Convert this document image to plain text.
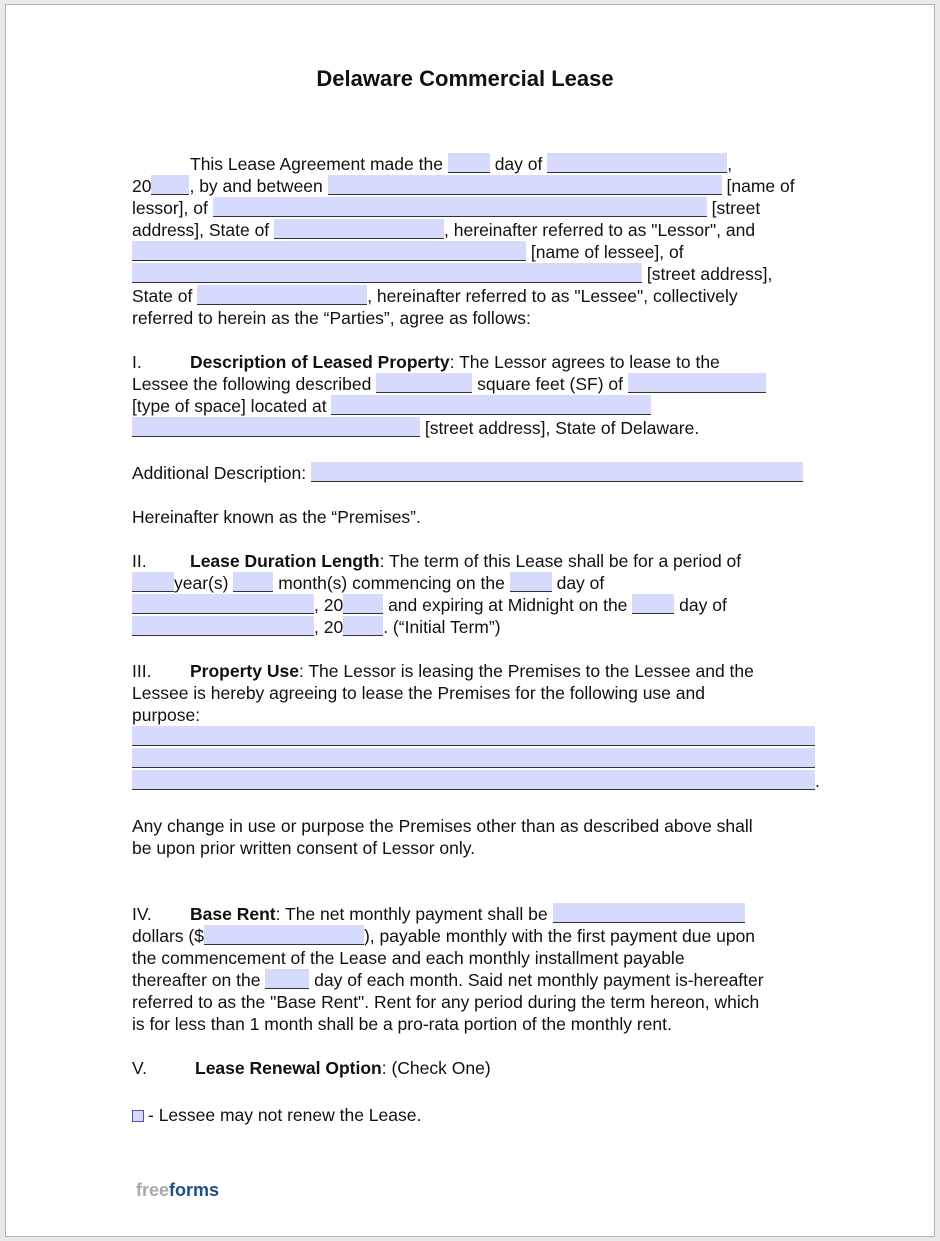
Delaware Commercial Lease
This Lease Agreement made the	day of	,
20 , by and between	[name of
lessor], of	[street
address], State of	, hereinafter referred to as "Lessor", and
[name of lessee], of
[street address],
State of	, hereinafter referred to as "Lessee", collectively
referred to herein as the “Parties”, agree as follows:
I.	Description of Leased Property: The Lessor agrees to lease to the
Lessee the following described	square feet (SF) of
[type of space] located at
[street address], State of Delaware.
Additional Description:
Hereinafter known as the “Premises”.
II. Lease Duration Length: The term of this Lease shall be for a period of
year(s)	month(s) commencing on the	day of
, 20	and expiring at Midnight on the	day of
, 20 . (“Initial Term”)
III. Property Use: The Lessor is leasing the Premises to the Lessee and the
Lessee is hereby agreeing to lease the Premises for the following use and
purpose:
.
Any change in use or purpose the Premises other than as described above shall
be upon prior written consent of Lessor only.
IV. Base Rent: The net monthly payment shall be
dollars ($	), payable monthly with the first payment due upon
the commencement of the Lease and each monthly installment payable
thereafter on the	day of each month. Said net monthly payment is-hereafter
referred to as the "Base Rent". Rent for any period during the term hereon, which
is for less than 1 month shall be a pro-rata portion of the monthly rent.
V.	Lease Renewal Option: (Check One)
- Lessee may not renew the Lease.
freeforms
